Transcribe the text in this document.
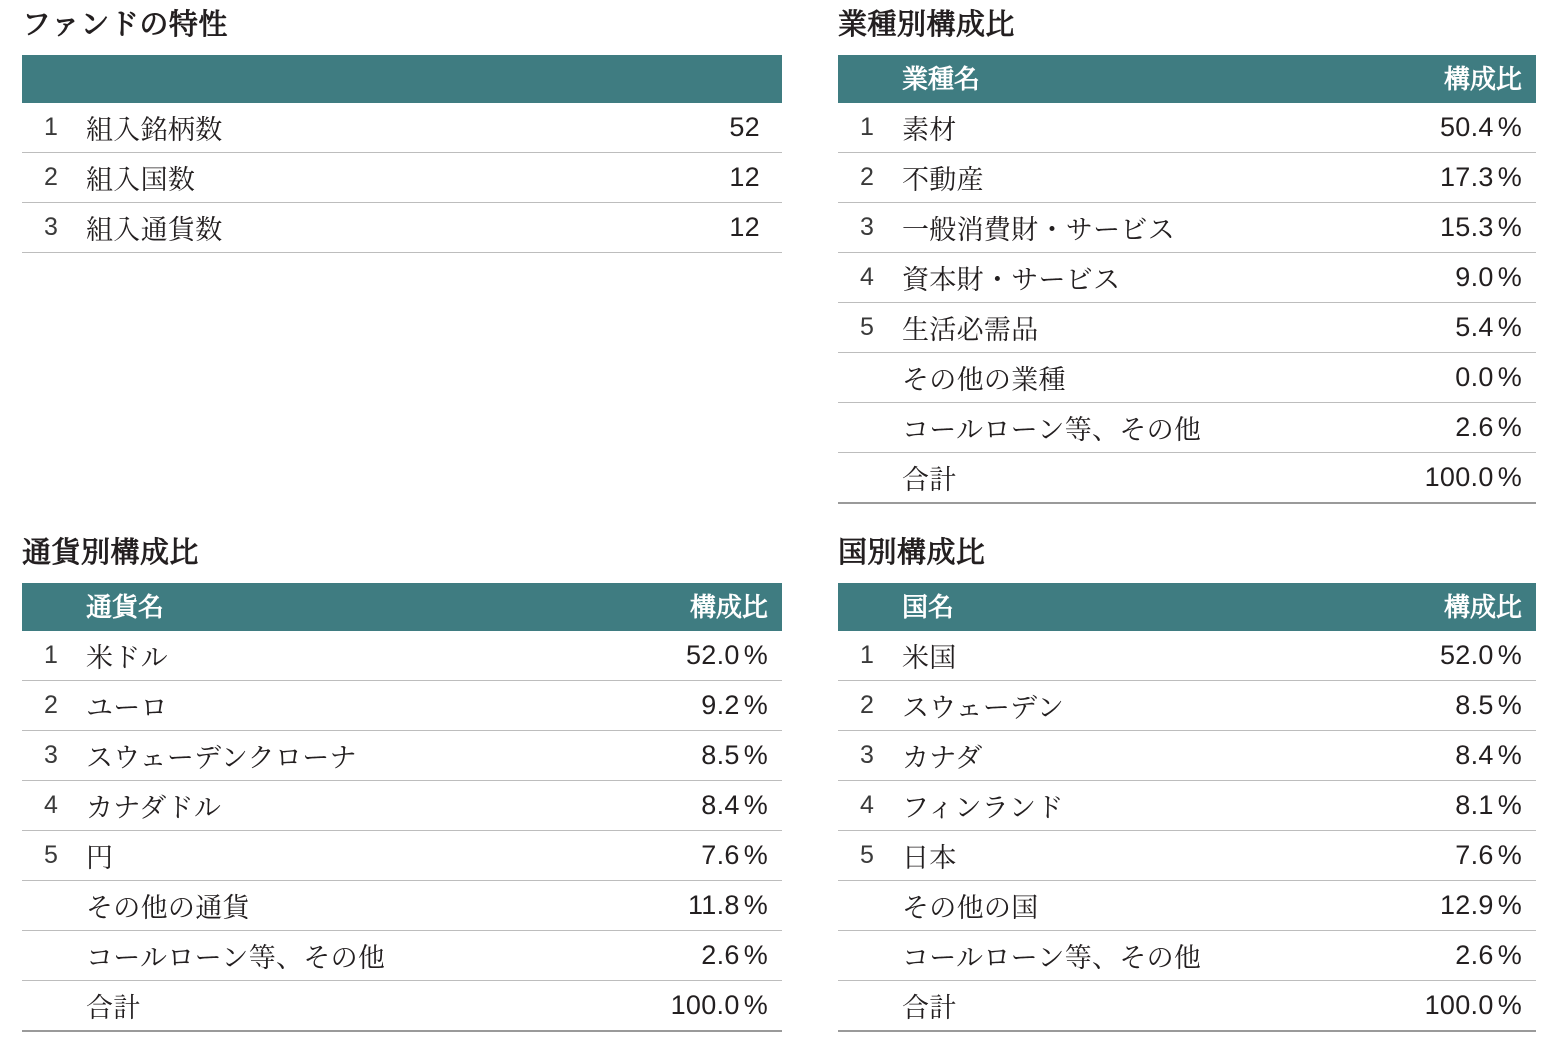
ファンドの特性

1	組入銘柄数	52
2	組入国数	12
3	組入通貨数	12
業種別構成比
	業種名	構成比
1	素材	50.4 %
2	不動産	17.3 %
3	一般消費財・サービス	15.3 %
4	資本財・サービス	9.0 %
5	生活必需品	5.4 %
	その他の業種	0.0 %
	コールローン等、その他	2.6 %
	合計	100.0 %
通貨別構成比
	通貨名	構成比
1	米ドル	52.0 %
2	ユーロ	9.2 %
3	スウェーデンクローナ	8.5 %
4	カナダドル	8.4 %
5	円	7.6 %
	その他の通貨	11.8 %
	コールローン等、その他	2.6 %
	合計	100.0 %
国別構成比
	国名	構成比
1	米国	52.0 %
2	スウェーデン	8.5 %
3	カナダ	8.4 %
4	フィンランド	8.1 %
5	日本	7.6 %
	その他の国	12.9 %
	コールローン等、その他	2.6 %
	合計	100.0 %
